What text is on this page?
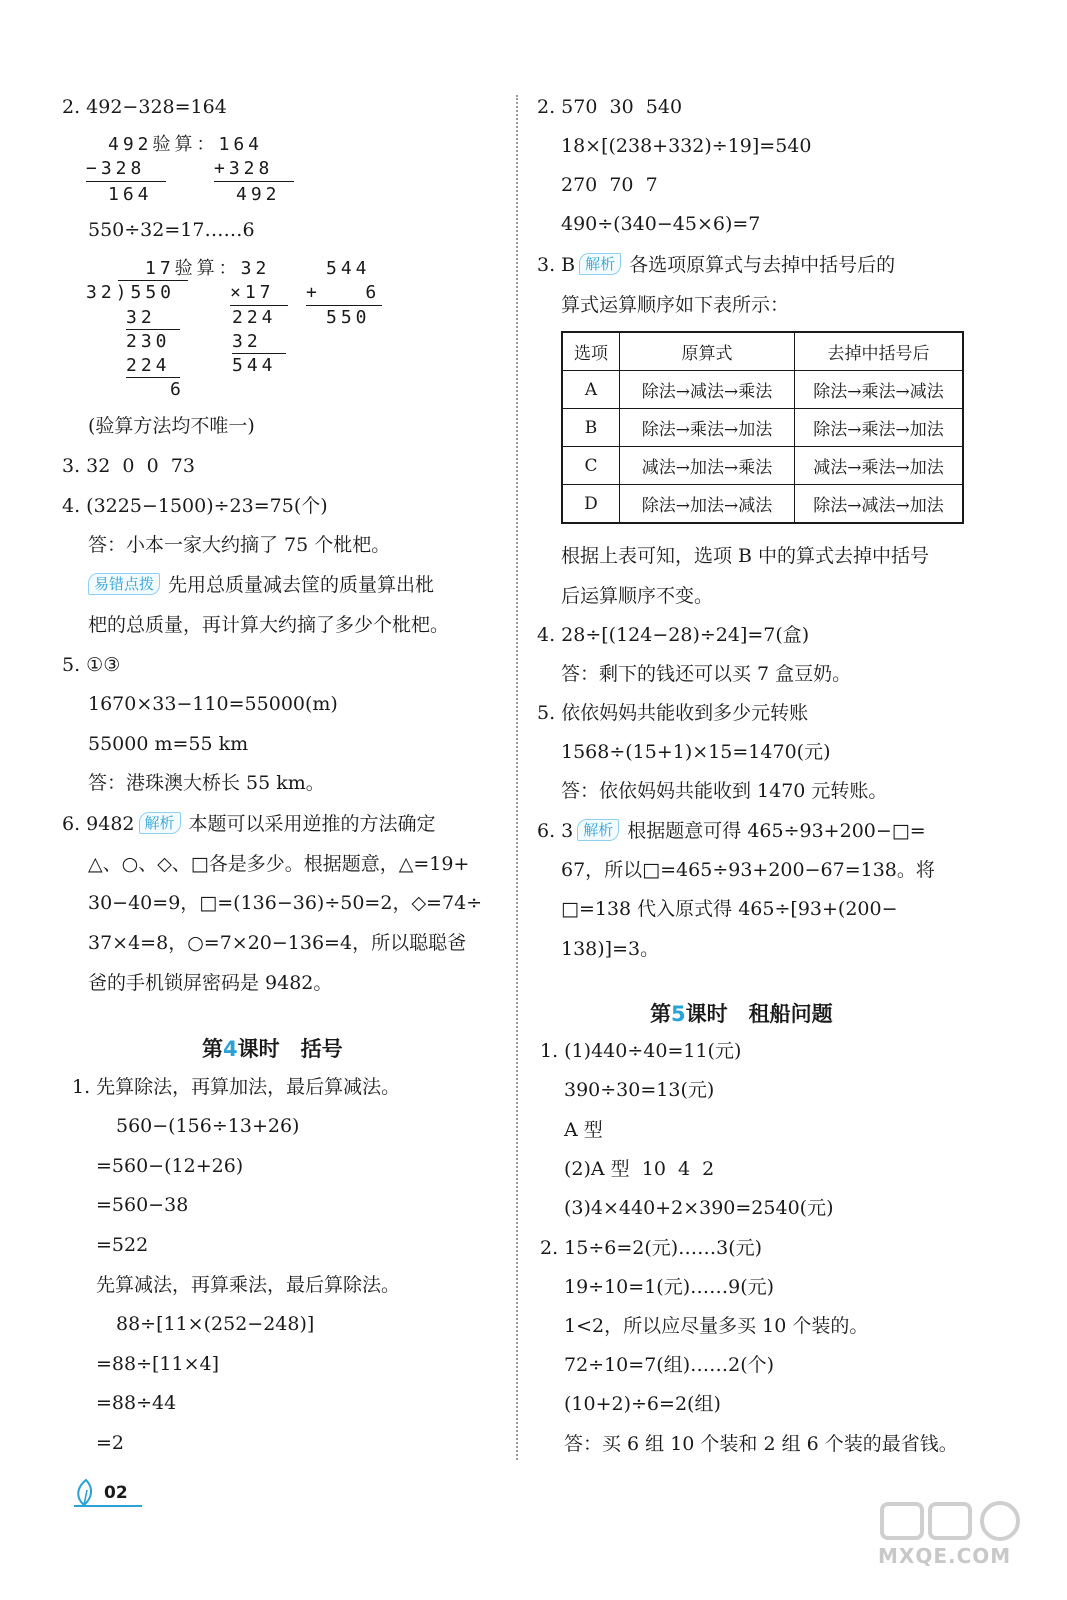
2. 492−328=164
492验算：164
−328	+328
164	492
550÷32=17……6
17验算：32	544
32)550	×17 +   6
32	224	550
230	32
224	544
6
(验算方法均不唯一)
3. 32  0  0  73
4. (3225−1500)÷23=75(个)
答：小本一家大约摘了 75 个枇杷。
易错点拨 先用总质量减去筐的质量算出枇
杷的总质量，再计算大约摘了多少个枇杷。
5. ①③
1670×33−110=55000(m)
55000 m=55 km
答：港珠澳大桥长 55 km。
6. 9482 解析 本题可以采用逆推的方法确定
△、○、◇、□各是多少。根据题意，△=19+
30−40=9，□=(136−36)÷50=2，◇=74÷
37×4=8，○=7×20−136=4，所以聪聪爸
爸的手机锁屏密码是 9482。
第4课时　括号
1. 先算除法，再算加法，最后算减法。
560−(156÷13+26)
=560−(12+26)
=560−38
=522
先算减法，再算乘法，最后算除法。
88÷[11×(252−248)]
=88÷[11×4]
=88÷44
=2
2. 570  30  540
18×[(238+332)÷19]=540
270  70  7
490÷(340−45×6)=7
3. B 解析 各选项原算式与去掉中括号后的
算式运算顺序如下表所示：
选项	原算式	去掉中括号后
A	除法→减法→乘法	除法→乘法→减法
B	除法→乘法→加法	除法→乘法→加法
C	减法→加法→乘法	减法→乘法→加法
D	除法→加法→减法	除法→减法→加法
根据上表可知，选项 B 中的算式去掉中括号
后运算顺序不变。
4. 28÷[(124−28)÷24]=7(盒)
答：剩下的钱还可以买 7 盒豆奶。
5. 依依妈妈共能收到多少元转账
1568÷(15+1)×15=1470(元)
答：依依妈妈共能收到 1470 元转账。
6. 3 解析 根据题意可得 465÷93+200−□=
67，所以□=465÷93+200−67=138。将
□=138 代入原式得 465÷[93+(200−
138)]=3。
第5课时　租船问题
1. (1)440÷40=11(元)
390÷30=13(元)
A 型
(2)A 型  10  4  2
(3)4×440+2×390=2540(元)
2. 15÷6=2(元)……3(元)
19÷10=1(元)……9(元)
1<2，所以应尽量多买 10 个装的。
72÷10=7(组)……2(个)
(10+2)÷6=2(组)
答：买 6 组 10 个装和 2 组 6 个装的最省钱。
02
MXQE.COM
